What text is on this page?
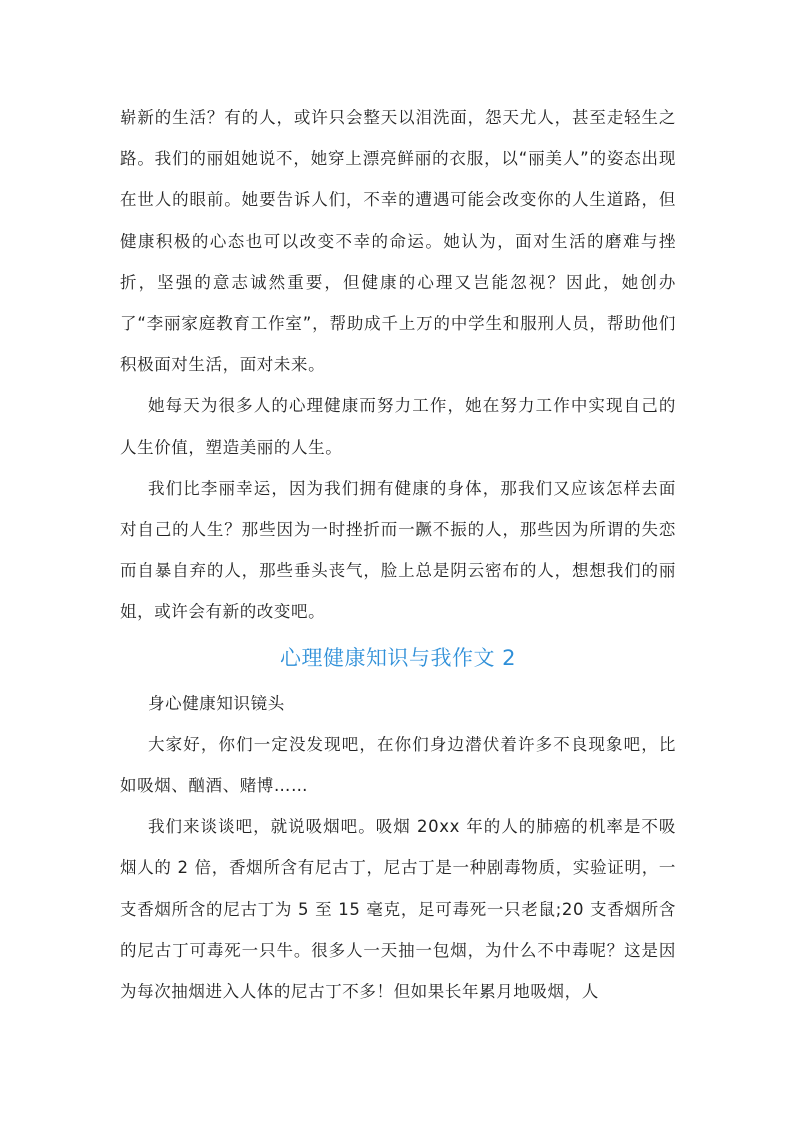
崭新的生活？有的人，或许只会整天以泪洗面，怨天尤人，甚至走轻生之路。我们的丽姐她说不，她穿上漂亮鲜丽的衣服，以“丽美人”的姿态出现在世人的眼前。她要告诉人们，不幸的遭遇可能会改变你的人生道路，但健康积极的心态也可以改变不幸的命运。她认为，面对生活的磨难与挫折，坚强的意志诚然重要，但健康的心理又岂能忽视？因此，她创办了“李丽家庭教育工作室”，帮助成千上万的中学生和服刑人员，帮助他们积极面对生活，面对未来。

她每天为很多人的心理健康而努力工作，她在努力工作中实现自己的人生价值，塑造美丽的人生。

我们比李丽幸运，因为我们拥有健康的身体，那我们又应该怎样去面对自己的人生？那些因为一时挫折而一蹶不振的人，那些因为所谓的失恋而自暴自弃的人，那些垂头丧气，脸上总是阴云密布的人，想想我们的丽姐，或许会有新的改变吧。

心理健康知识与我作文 2

身心健康知识镜头

大家好，你们一定没发现吧，在你们身边潜伏着许多不良现象吧，比如吸烟、酗酒、赌博……

我们来谈谈吧，就说吸烟吧。吸烟 20xx 年的人的肺癌的机率是不吸烟人的 2 倍，香烟所含有尼古丁，尼古丁是一种剧毒物质，实验证明，一支香烟所含的尼古丁为 5 至 15 毫克，足可毒死一只老鼠;20 支香烟所含的尼古丁可毒死一只牛。很多人一天抽一包烟，为什么不中毒呢？这是因为每次抽烟进入人体的尼古丁不多！但如果长年累月地吸烟，人
